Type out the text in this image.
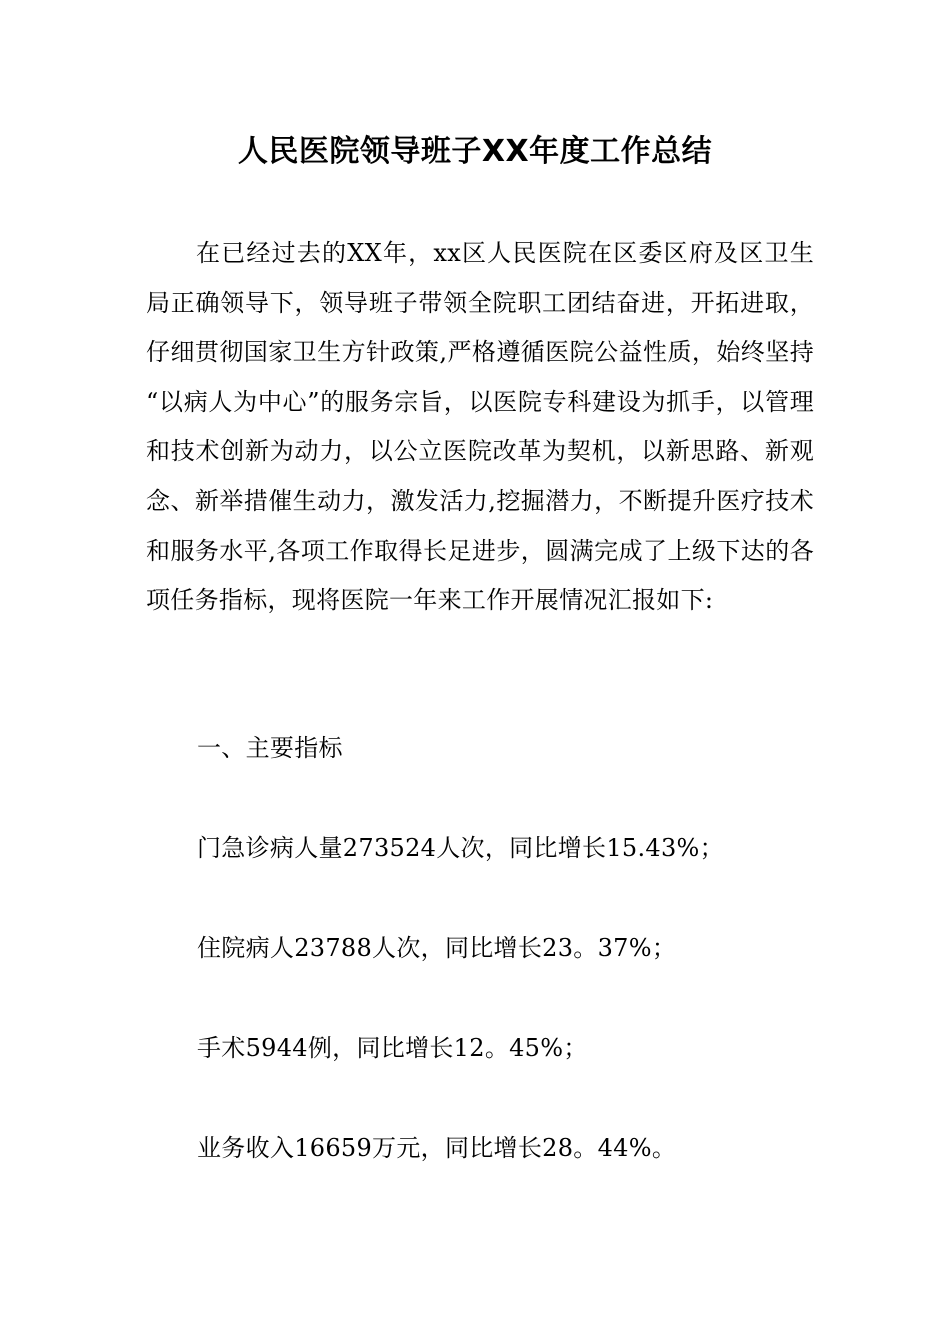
人民医院领导班子XX年度工作总结

在已经过去的XX年，xx区人民医院在区委区府及区卫生局正确领导下，领导班子带领全院职工团结奋进，开拓进取，仔细贯彻国家卫生方针政策,严格遵循医院公益性质，始终坚持 “以病人为中心”的服务宗旨，以医院专科建设为抓手，以管理和技术创新为动力，以公立医院改革为契机，以新思路、新观念、新举措催生动力，激发活力,挖掘潜力，不断提升医疗技术和服务水平,各项工作取得长足进步，圆满完成了上级下达的各项任务指标，现将医院一年来工作开展情况汇报如下:

一、主要指标

门急诊病人量273524人次，同比增长15.43%；

住院病人23788人次，同比增长23。37%；

手术5944例，同比增长12。45%；

业务收入16659万元，同比增长28。44%。
